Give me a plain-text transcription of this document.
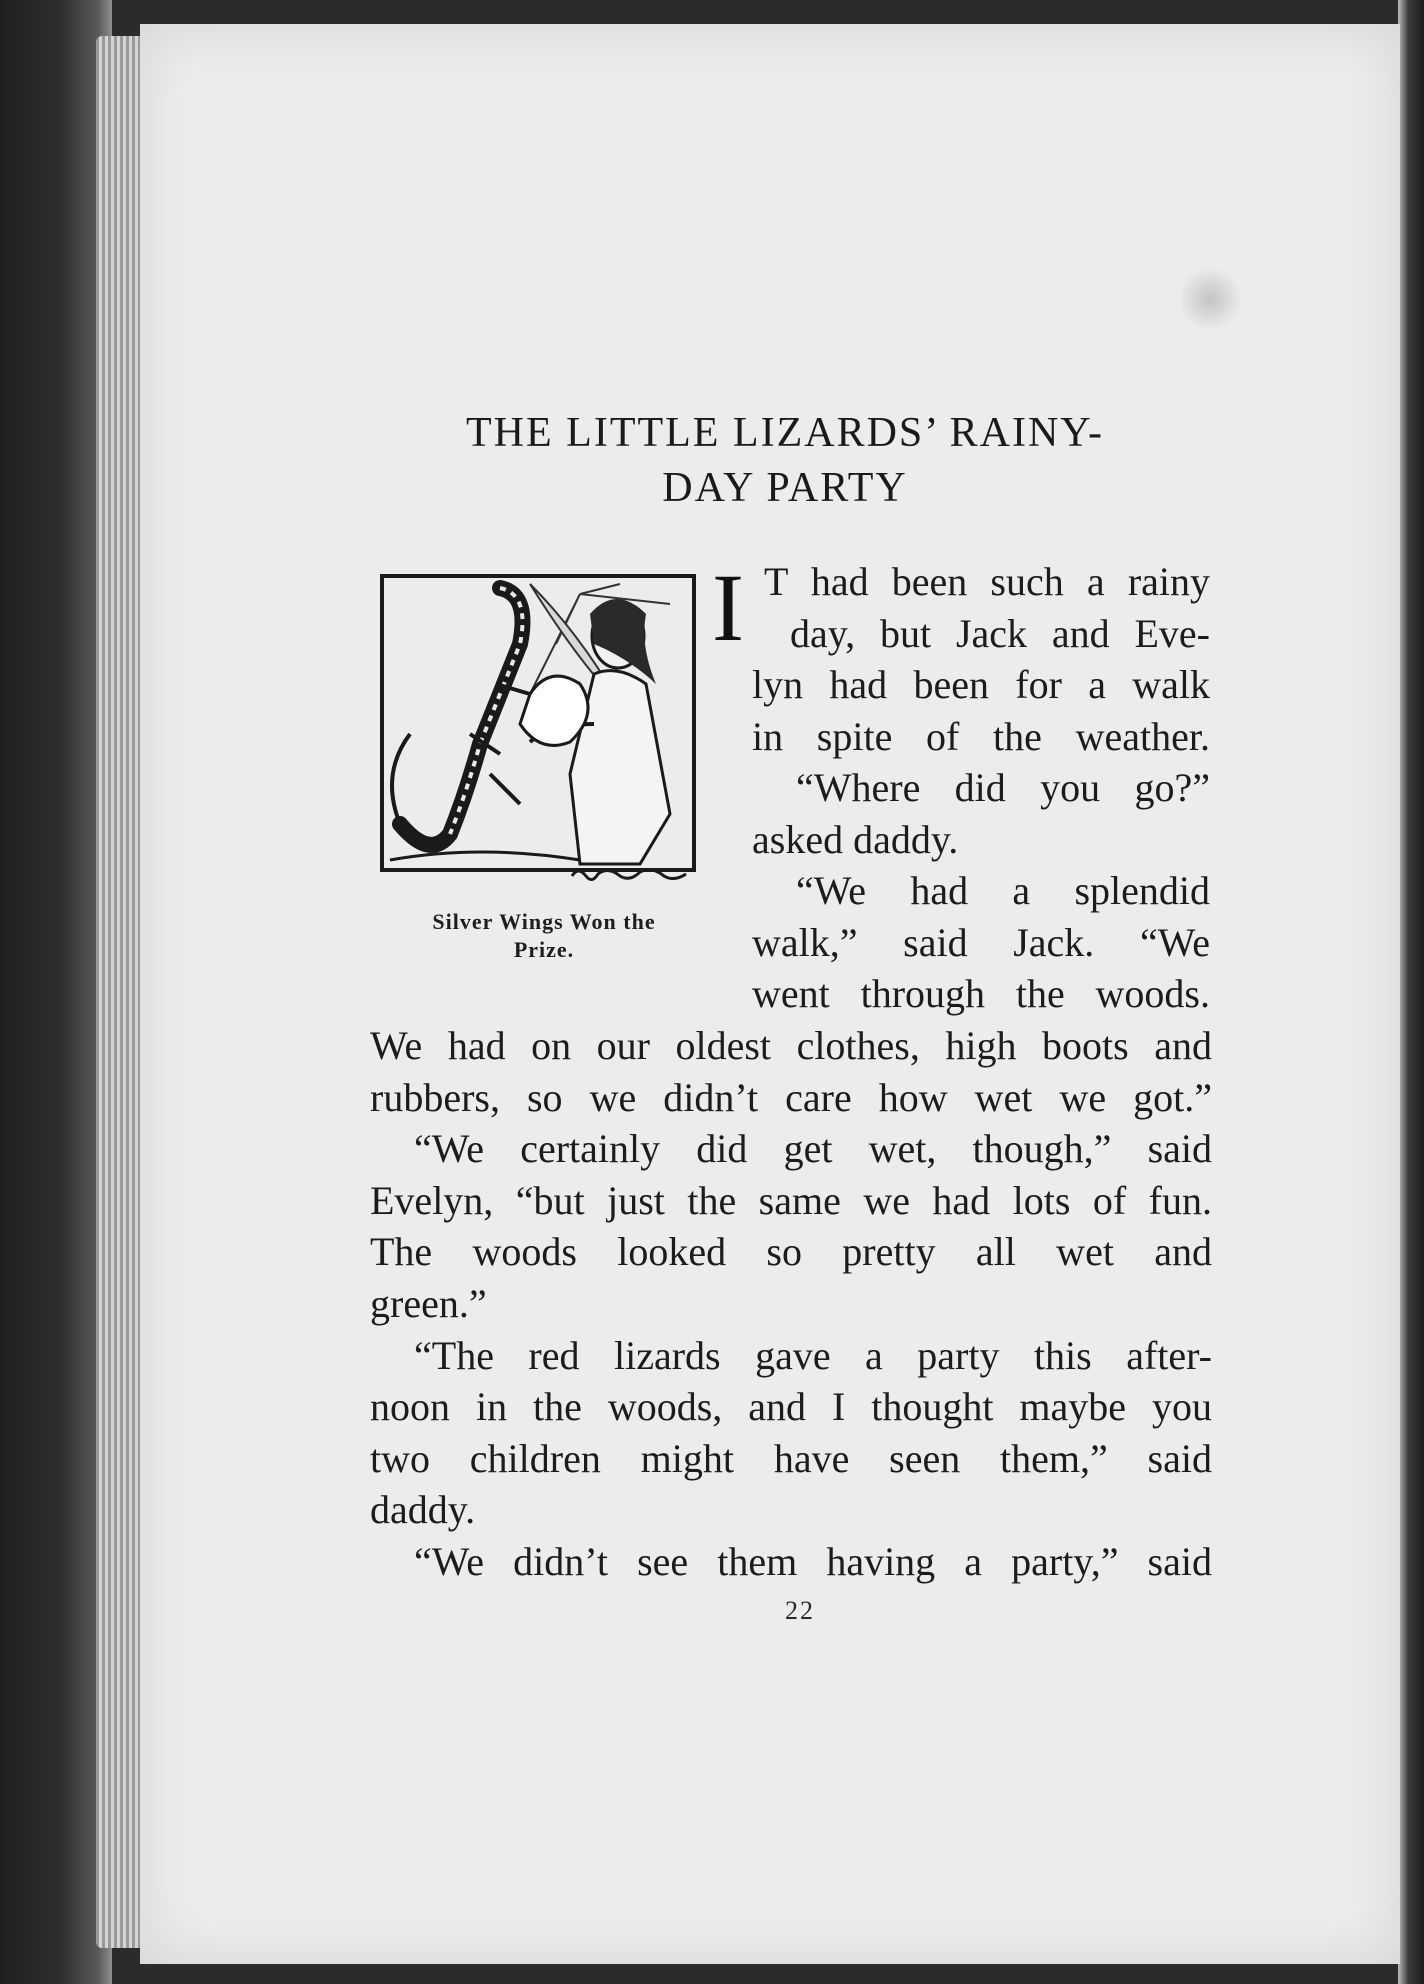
THE LITTLE LIZARDS’ RAINY-
DAY PARTY
Silver Wings Won the
Prize.
I T had been such a rainy
day, but Jack and Eve-
lyn had been for a walk
in spite of the weather.
“Where did you go?”
asked daddy.
“We had a splendid
walk,” said Jack. “We
went through the woods.
We had on our oldest clothes, high boots and
rubbers, so we didn’t care how wet we got.”
“We certainly did get wet, though,” said
Evelyn, “but just the same we had lots of fun.
The woods looked so pretty all wet and
green.”
“The red lizards gave a party this after-
noon in the woods, and I thought maybe you
two children might have seen them,” said
daddy.
“We didn’t see them having a party,” said
22
